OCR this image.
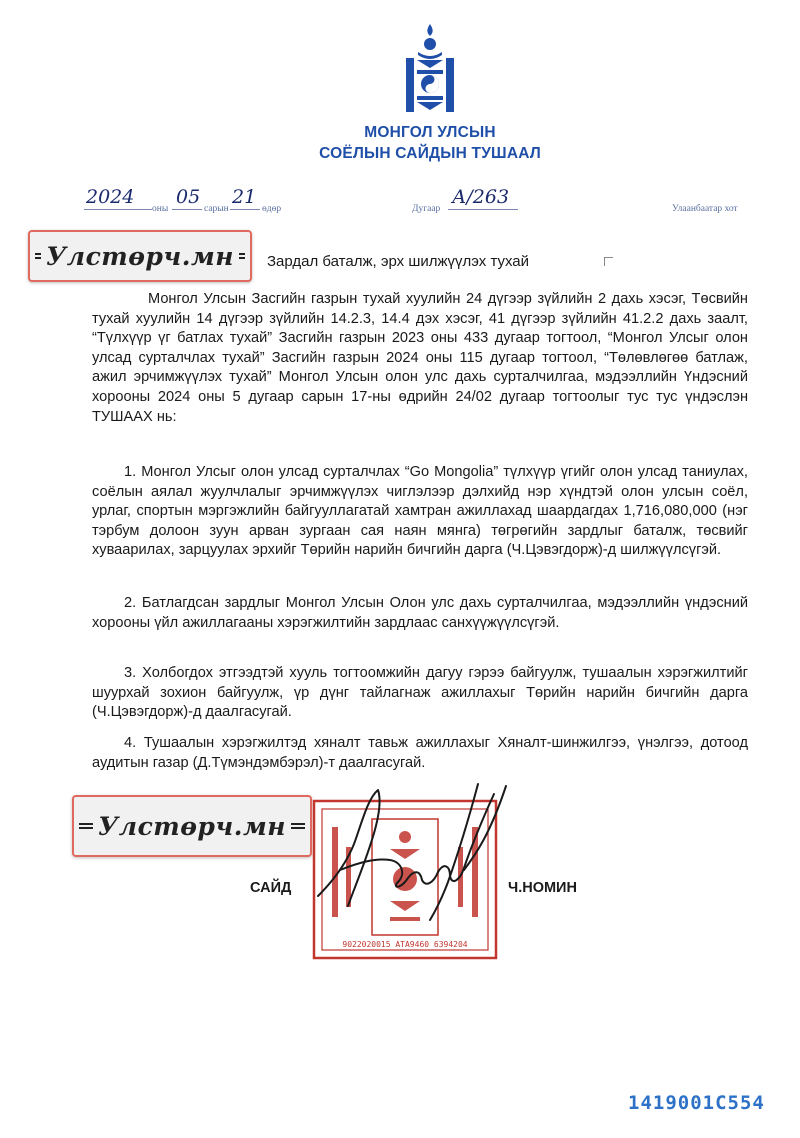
МОНГОЛ УЛСЫН
СОЁЛЫН САЙДЫН ТУШААЛ
2024
оны
05
сарын
21
өдөр	Дугаар
А/263
Улаанбаатар хот
Улстөрч.мн Зардал баталж, эрх шилжүүлэх тухай

Монгол Улсын Засгийн газрын тухай хуулийн 24 дүгээр зүйлийн 2 дахь хэсэг, Төсвийн тухай хуулийн 14 дүгээр зүйлийн 14.2.3, 14.4 дэх хэсэг, 41 дүгээр зүйлийн 41.2.2 дахь заалт, “Түлхүүр үг батлах тухай” Засгийн газрын 2023 оны 433 дугаар тогтоол, “Монгол Улсыг олон улсад сурталчлах тухай” Засгийн газрын 2024 оны 115 дугаар тогтоол, “Төлөвлөгөө батлаж, ажил эрчимжүүлэх тухай” Монгол Улсын олон улс дахь сурталчилгаа, мэдээллийн Үндэсний хорооны 2024 оны 5 дугаар сарын 17-ны өдрийн 24/02 дугаар тогтоолыг тус тус үндэслэн ТУШААХ нь:

1. Монгол Улсыг олон улсад сурталчлах “Go Mongolia” түлхүүр үгийг олон улсад таниулах, соёлын аялал жуулчлалыг эрчимжүүлэх чиглэлээр дэлхийд нэр хүндтэй олон улсын соёл, урлаг, спортын мэргэжлийн байгууллагатай хамтран ажиллахад шаардагдах 1,716,080,000 (нэг тэрбум долоон зуун арван зургаан сая наян мянга) төгрөгийн зардлыг баталж, төсвийг хуваарилах, зарцуулах эрхийг Төрийн нарийн бичгийн дарга (Ч.Цэвэгдорж)-д шилжүүлсүгэй.

2. Батлагдсан зардлыг Монгол Улсын Олон улс дахь сурталчилгаа, мэдээллийн үндэсний хорооны үйл ажиллагааны хэрэгжилтийн зардлаас санхүүжүүлсүгэй.

3. Холбогдох этгээдтэй хууль тогтоомжийн дагуу гэрээ байгуулж, тушаалын хэрэгжилтийг шуурхай зохион байгуулж, үр дүнг тайлагнаж ажиллахыг Төрийн нарийн бичгийн дарга (Ч.Цэвэгдорж)-д даалгасугай.

4. Тушаалын хэрэгжилтэд хяналт тавьж ажиллахыг Хяналт-шинжилгээ, үнэлгээ, дотоод аудитын газар (Д.Түмэндэмбэрэл)-т даалгасугай.

Улстөрч.мн
9022020015 АТА9460 6394204
САЙД	Ч.НОМИН
1419001С554
